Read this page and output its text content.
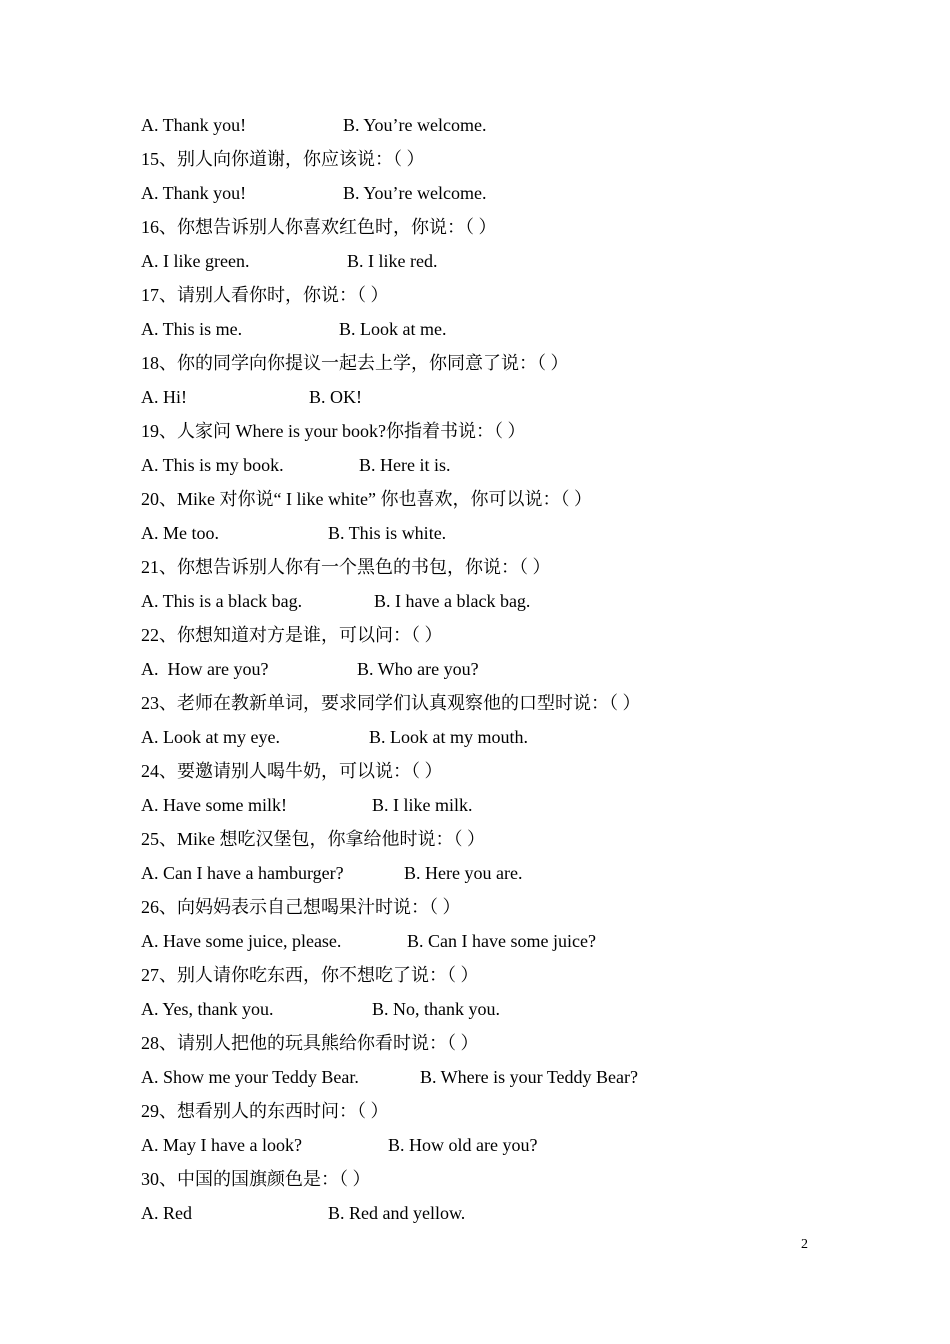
A. Thank you!	B. You’re welcome.
15、别人向你道谢，你应该说：（ ）
A. Thank you!	B. You’re welcome.
16、你想告诉别人你喜欢红色时，你说：（ ）
A. I like green.	B. I like red.
17、请别人看你时，你说：（ ）
A. This is me.	B. Look at me.
18、你的同学向你提议一起去上学，你同意了说：（ ）
A. Hi!	B. OK!
19、人家问 Where is your book?你指着书说：（ ）
A. This is my book.	B. Here it is.
20、Mike 对你说“ I like white” 你也喜欢，你可以说：（ ）
A. Me too.	B. This is white.
21、你想告诉别人你有一个黑色的书包，你说：（ ）
A. This is a black bag.	B. I have a black bag.
22、你想知道对方是谁，可以问：（ ）
A.  How are you?	B. Who are you?
23、老师在教新单词，要求同学们认真观察他的口型时说：（ ）
A. Look at my eye.	B. Look at my mouth.
24、要邀请别人喝牛奶，可以说：（ ）
A. Have some milk!	B. I like milk.
25、Mike 想吃汉堡包，你拿给他时说：（ ）
A. Can I have a hamburger?	B. Here you are.
26、向妈妈表示自己想喝果汁时说：（ ）
A. Have some juice, please.	B. Can I have some juice?
27、别人请你吃东西，你不想吃了说：（ ）
A. Yes, thank you.	B. No, thank you.
28、请别人把他的玩具熊给你看时说：（ ）
A. Show me your Teddy Bear.	B. Where is your Teddy Bear?
29、想看别人的东西时问：（ ）
A. May I have a look?	B. How old are you?
30、中国的国旗颜色是：（ ）
A. Red	B. Red and yellow.
2
